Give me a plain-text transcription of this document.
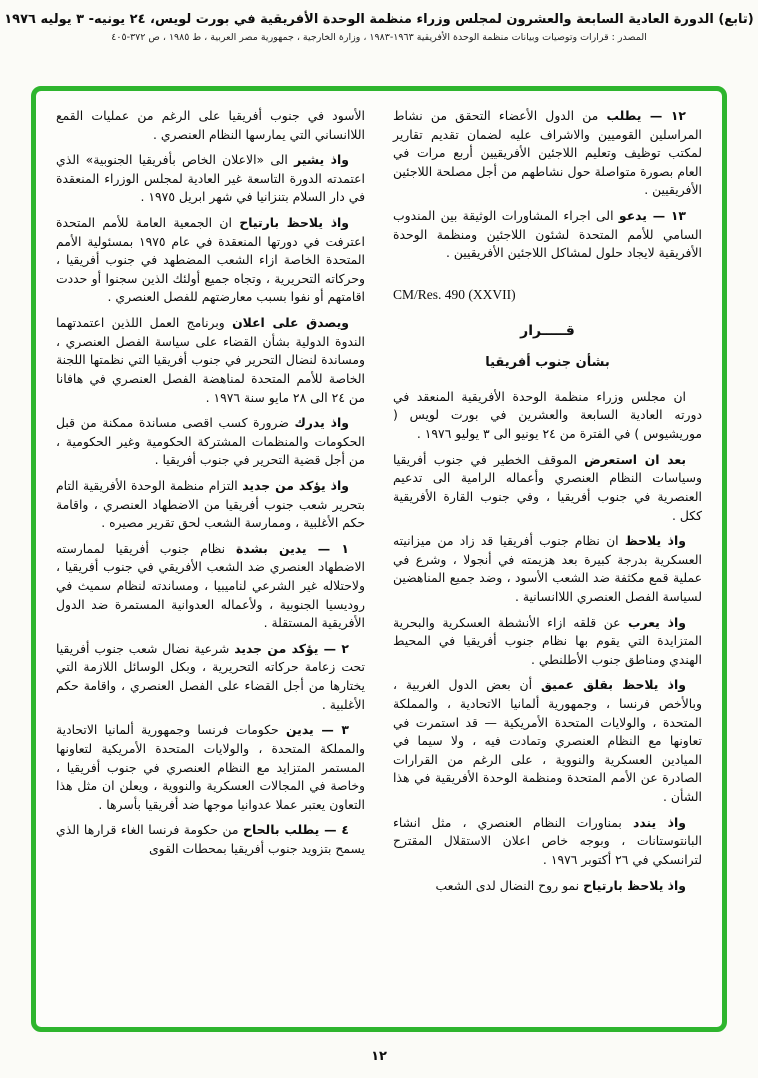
(تابع) الدورة العادية السابعة والعشرون لمجلس وزراء منظمة الوحدة الأفريقية في بورت لويس، ٢٤ يونيه- ٣ يوليه ١٩٧٦
المصدر : قرارات وتوصيات وبيانات منظمة الوحدة الأفريقية ١٩٦٣-١٩٨٣ ، وزارة الخارجية ، جمهورية مصر العربية ، ط ١٩٨٥ ، ص ٣٧٢-٤٠٥

١٢ — يطلب من الدول الأعضاء التحقق من نشاط المراسلين القوميين والاشراف عليه لضمان تقديم تقارير لمكتب توظيف وتعليم اللاجئين الأفريقيين أربع مرات في العام بصورة متواصلة حول نشاطهم من أجل مصلحة اللاجئين الأفريقيين .

١٣ — يدعو الى اجراء المشاورات الوثيقة بين المندوب السامي للأمم المتحدة لشئون اللاجئين ومنظمة الوحدة الأفريقية لايجاد حلول لمشاكل اللاجئين الأفريقيين .

CM/Res. 490 (XXVII)

قـــــرار
بشأن جنوب أفريقيا

ان مجلس وزراء منظمة الوحدة الأفريقية المنعقد في دورته العادية السابعة والعشرين في بورت لويس ( موريشيوس ) في الفترة من ٢٤ يونيو الى ٣ يوليو ١٩٧٦ .

بعد ان استعرض الموقف الخطير في جنوب أفريقيا وسياسات النظام العنصري وأعماله الرامية الى تدعيم العنصرية في جنوب أفريقيا ، وفي جنوب القارة الأفريقية ككل .

واذ يلاحظ ان نظام جنوب أفريقيا قد زاد من ميزانيته العسكرية بدرجة كبيرة بعد هزيمته في أنجولا ، وشرع في عملية قمع مكثفة ضد الشعب الأسود ، وضد جميع المناهضين لسياسة الفصل العنصري اللاانسانية .

واذ يعرب عن قلقه ازاء الأنشطة العسكرية والبحرية المتزايدة التي يقوم بها نظام جنوب أفريقيا في المحيط الهندي ومناطق جنوب الأطلنطي .

واذ يلاحظ بقلق عميق أن بعض الدول الغربية ، وبالأخص فرنسا ، وجمهورية ألمانيا الاتحادية ، والمملكة المتحدة ، والولايات المتحدة الأمريكية — قد استمرت في تعاونها مع النظام العنصري وتمادت فيه ، ولا سيما في الميادين العسكرية والنووية ، على الرغم من القرارات الصادرة عن الأمم المتحدة ومنظمة الوحدة الأفريقية في هذا الشأن .

واذ يندد بمناورات النظام العنصري ، مثل انشاء البانتوستانات ، وبوجه خاص اعلان الاستقلال المقترح لترانسكي في ٢٦ أكتوبر ١٩٧٦ .

واذ يلاحظ بارتياح نمو روح النضال لدى الشعب

الأسود في جنوب أفريقيا على الرغم من عمليات القمع اللاانساني التي يمارسها النظام العنصري .

واذ يشير الى «الاعلان الخاص بأفريقيا الجنوبية» الذي اعتمدته الدورة التاسعة غير العادية لمجلس الوزراء المنعقدة في دار السلام بتنزانيا في شهر ابريل ١٩٧٥ .

واذ يلاحظ بارتياح ان الجمعية العامة للأمم المتحدة اعترفت في دورتها المنعقدة في عام ١٩٧٥ بمسئولية الأمم المتحدة الخاصة ازاء الشعب المضطهد في جنوب أفريقيا ، وحركاته التحريرية ، وتجاه جميع أولئك الذين سجنوا أو حددت اقامتهم أو نفوا بسبب معارضتهم للفصل العنصري .

ويصدق على اعلان وبرنامج العمل اللذين اعتمدتهما الندوة الدولية بشأن القضاء على سياسة الفصل العنصري ، ومساندة لنضال التحرير في جنوب أفريقيا التي نظمتها اللجنة الخاصة للأمم المتحدة لمناهضة الفصل العنصري في هافانا من ٢٤ الى ٢٨ مايو سنة ١٩٧٦ .

واذ يدرك ضرورة كسب اقصى مساندة ممكنة من قبل الحكومات والمنظمات المشتركة الحكومية وغير الحكومية ، من أجل قضية التحرير في جنوب أفريقيا .

واذ يؤكد من جديد التزام منظمة الوحدة الأفريقية التام بتحرير شعب جنوب أفريقيا من الاضطهاد العنصري ، واقامة حكم الأغلبية ، وممارسة الشعب لحق تقرير مصيره .

١ — يدين بشدة نظام جنوب أفريقيا لممارسته الاضطهاد العنصري ضد الشعب الأفريقي في جنوب أفريقيا ، ولاحتلاله غير الشرعي لناميبيا ، ومساندته لنظام سميث في روديسيا الجنوبية ، ولأعماله العدوانية المستمرة ضد الدول الأفريقية المستقلة .

٢ — يؤكد من جديد شرعية نضال شعب جنوب أفريقيا تحت زعامة حركاته التحريرية ، وبكل الوسائل اللازمة التي يختارها من أجل القضاء على الفصل العنصري ، واقامة حكم الأغلبية .

٣ — يدين حكومات فرنسا وجمهورية ألمانيا الاتحادية والمملكة المتحدة ، والولايات المتحدة الأمريكية لتعاونها المستمر المتزايد مع النظام العنصري في جنوب أفريقيا ، وخاصة في المجالات العسكرية والنووية ، ويعلن ان مثل هذا التعاون يعتبر عملا عدوانيا موجها ضد أفريقيا بأسرها .

٤ — يطلب بالحاح من حكومة فرنسا الغاء قرارها الذي يسمح بتزويد جنوب أفريقيا بمحطات القوى

١٢
